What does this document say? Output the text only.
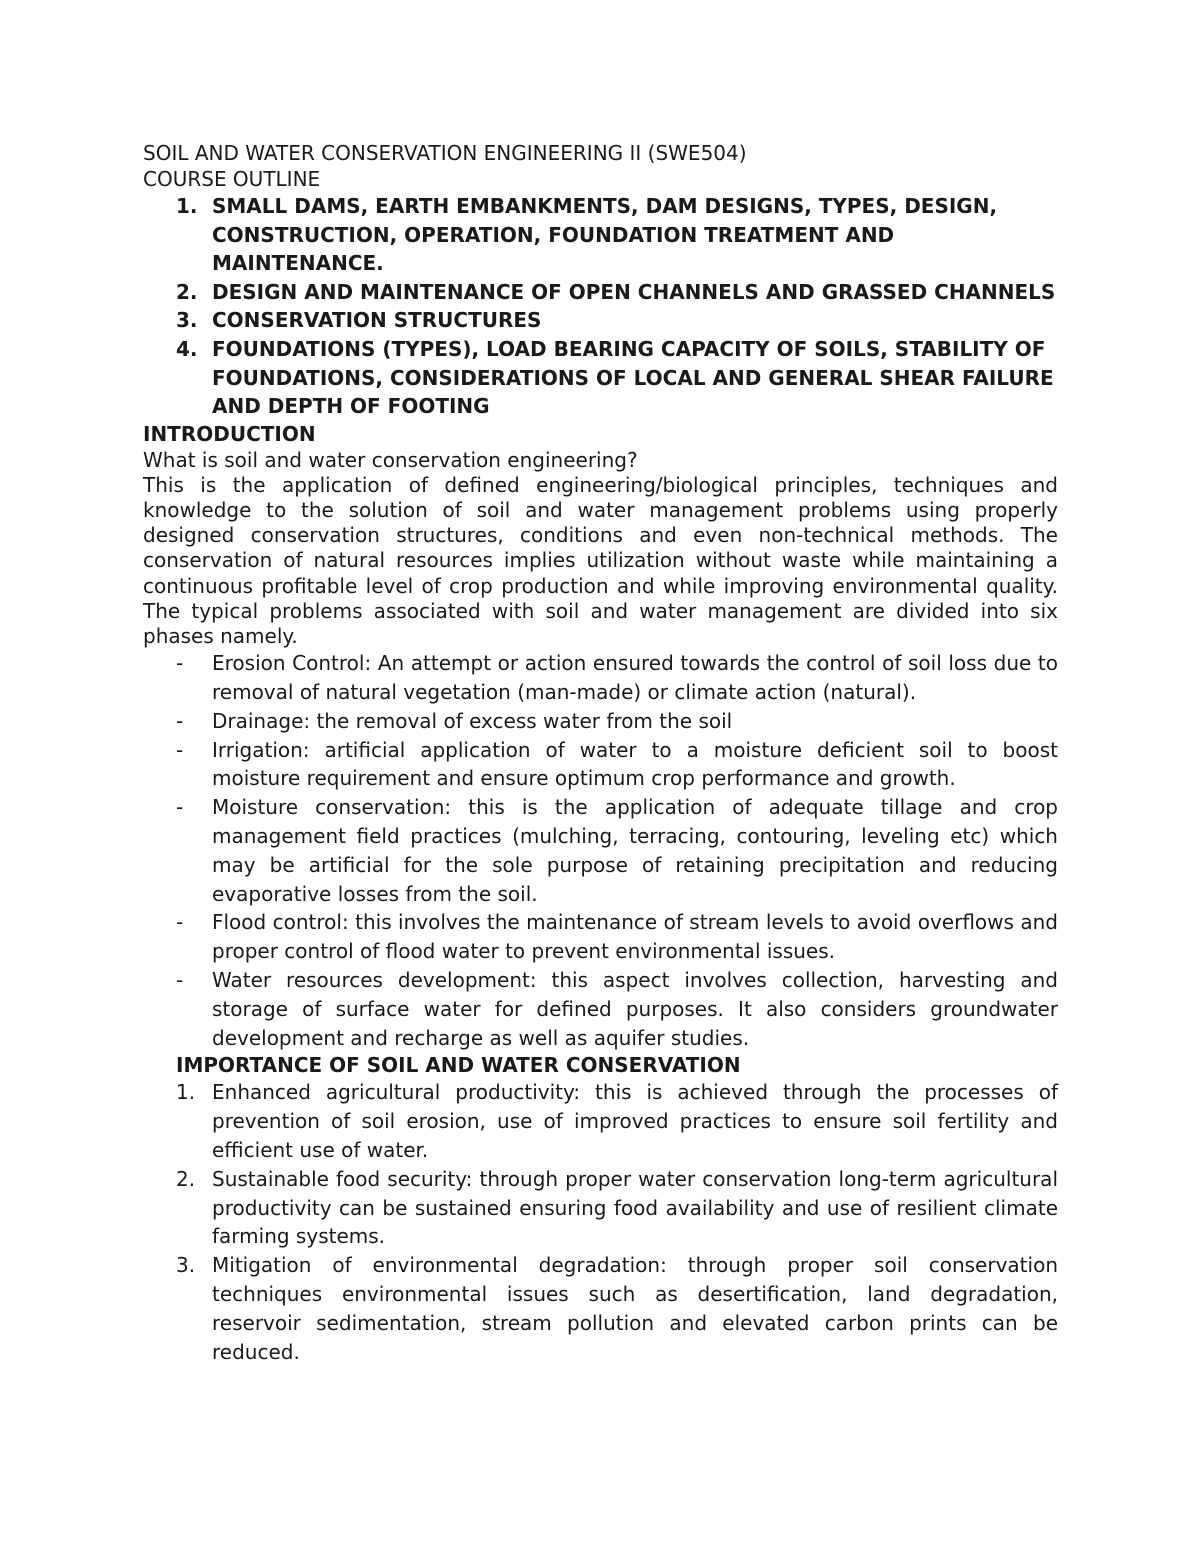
SOIL AND WATER CONSERVATION ENGINEERING II (SWE504)

COURSE OUTLINE

1. SMALL DAMS, EARTH EMBANKMENTS, DAM DESIGNS, TYPES, DESIGN, CONSTRUCTION, OPERATION, FOUNDATION TREATMENT AND MAINTENANCE.
2. DESIGN AND MAINTENANCE OF OPEN CHANNELS AND GRASSED CHANNELS
3. CONSERVATION STRUCTURES
4. FOUNDATIONS (TYPES), LOAD BEARING CAPACITY OF SOILS, STABILITY OF FOUNDATIONS, CONSIDERATIONS OF LOCAL AND GENERAL SHEAR FAILURE AND DEPTH OF FOOTING

INTRODUCTION

What is soil and water conservation engineering?

This is the application of defined engineering/biological principles, techniques and knowledge to the solution of soil and water management problems using properly designed conservation structures, conditions and even non-technical methods. The conservation of natural resources implies utilization without waste while maintaining a continuous profitable level of crop production and while improving environmental quality. The typical problems associated with soil and water management are divided into six phases namely.

- Erosion Control: An attempt or action ensured towards the control of soil loss due to removal of natural vegetation (man-made) or climate action (natural).
- Drainage: the removal of excess water from the soil
- Irrigation: artificial application of water to a moisture deficient soil to boost moisture requirement and ensure optimum crop performance and growth.
- Moisture conservation: this is the application of adequate tillage and crop management field practices (mulching, terracing, contouring, leveling etc) which may be artificial for the sole purpose of retaining precipitation and reducing evaporative losses from the soil.
- Flood control: this involves the maintenance of stream levels to avoid overflows and proper control of flood water to prevent environmental issues.
- Water resources development: this aspect involves collection, harvesting and storage of surface water for defined purposes. It also considers groundwater development and recharge as well as aquifer studies.

IMPORTANCE OF SOIL AND WATER CONSERVATION

1. Enhanced agricultural productivity: this is achieved through the processes of prevention of soil erosion, use of improved practices to ensure soil fertility and efficient use of water.
2. Sustainable food security: through proper water conservation long-term agricultural productivity can be sustained ensuring food availability and use of resilient climate farming systems.
3. Mitigation of environmental degradation: through proper soil conservation techniques environmental issues such as desertification, land degradation, reservoir sedimentation, stream pollution and elevated carbon prints can be reduced.
